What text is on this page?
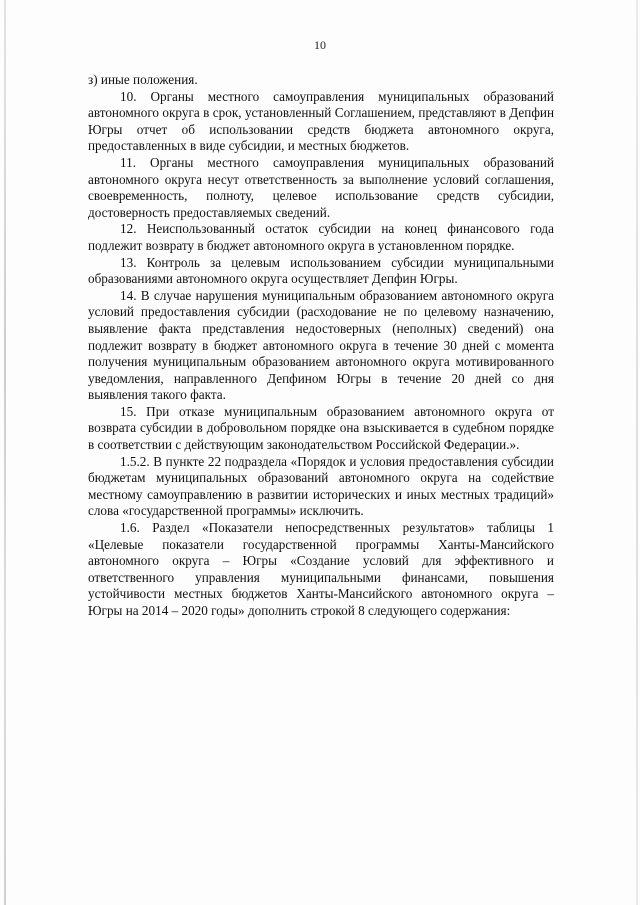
10

з) иные положения.

10. Органы местного самоуправления муниципальных образований автономного округа в срок, установленный Соглашением, представляют в Депфин Югры отчет об использовании средств бюджета автономного округа, предоставленных в виде субсидии, и местных бюджетов.

11. Органы местного самоуправления муниципальных образований автономного округа несут ответственность за выполнение условий соглашения, своевременность, полноту, целевое использование средств субсидии, достоверность предоставляемых сведений.

12. Неиспользованный остаток субсидии на конец финансового года подлежит возврату в бюджет автономного округа в установленном порядке.

13. Контроль за целевым использованием субсидии муниципальными образованиями автономного округа осуществляет Депфин Югры.

14. В случае нарушения муниципальным образованием автономного округа условий предоставления субсидии (расходование не по целевому назначению, выявление факта представления недостоверных (неполных) сведений) она подлежит возврату в бюджет автономного округа в течение 30 дней с момента получения муниципальным образованием автономного округа мотивированного уведомления, направленного Депфином Югры в течение 20 дней со дня выявления такого факта.

15. При отказе муниципальным образованием автономного округа от возврата субсидии в добровольном порядке она взыскивается в судебном порядке в соответствии с действующим законодательством Российской Федерации.».

1.5.2. В пункте 22 подраздела «Порядок и условия предоставления субсидии бюджетам муниципальных образований автономного округа на содействие местному самоуправлению в развитии исторических и иных местных традиций» слова «государственной программы» исключить.

1.6. Раздел «Показатели непосредственных результатов» таблицы 1 «Целевые показатели государственной программы Ханты-Мансийского автономного округа – Югры «Создание условий для эффективного и ответственного управления муниципальными финансами, повышения устойчивости местных бюджетов Ханты-Мансийского автономного округа – Югры на 2014 – 2020 годы» дополнить строкой 8 следующего содержания:
